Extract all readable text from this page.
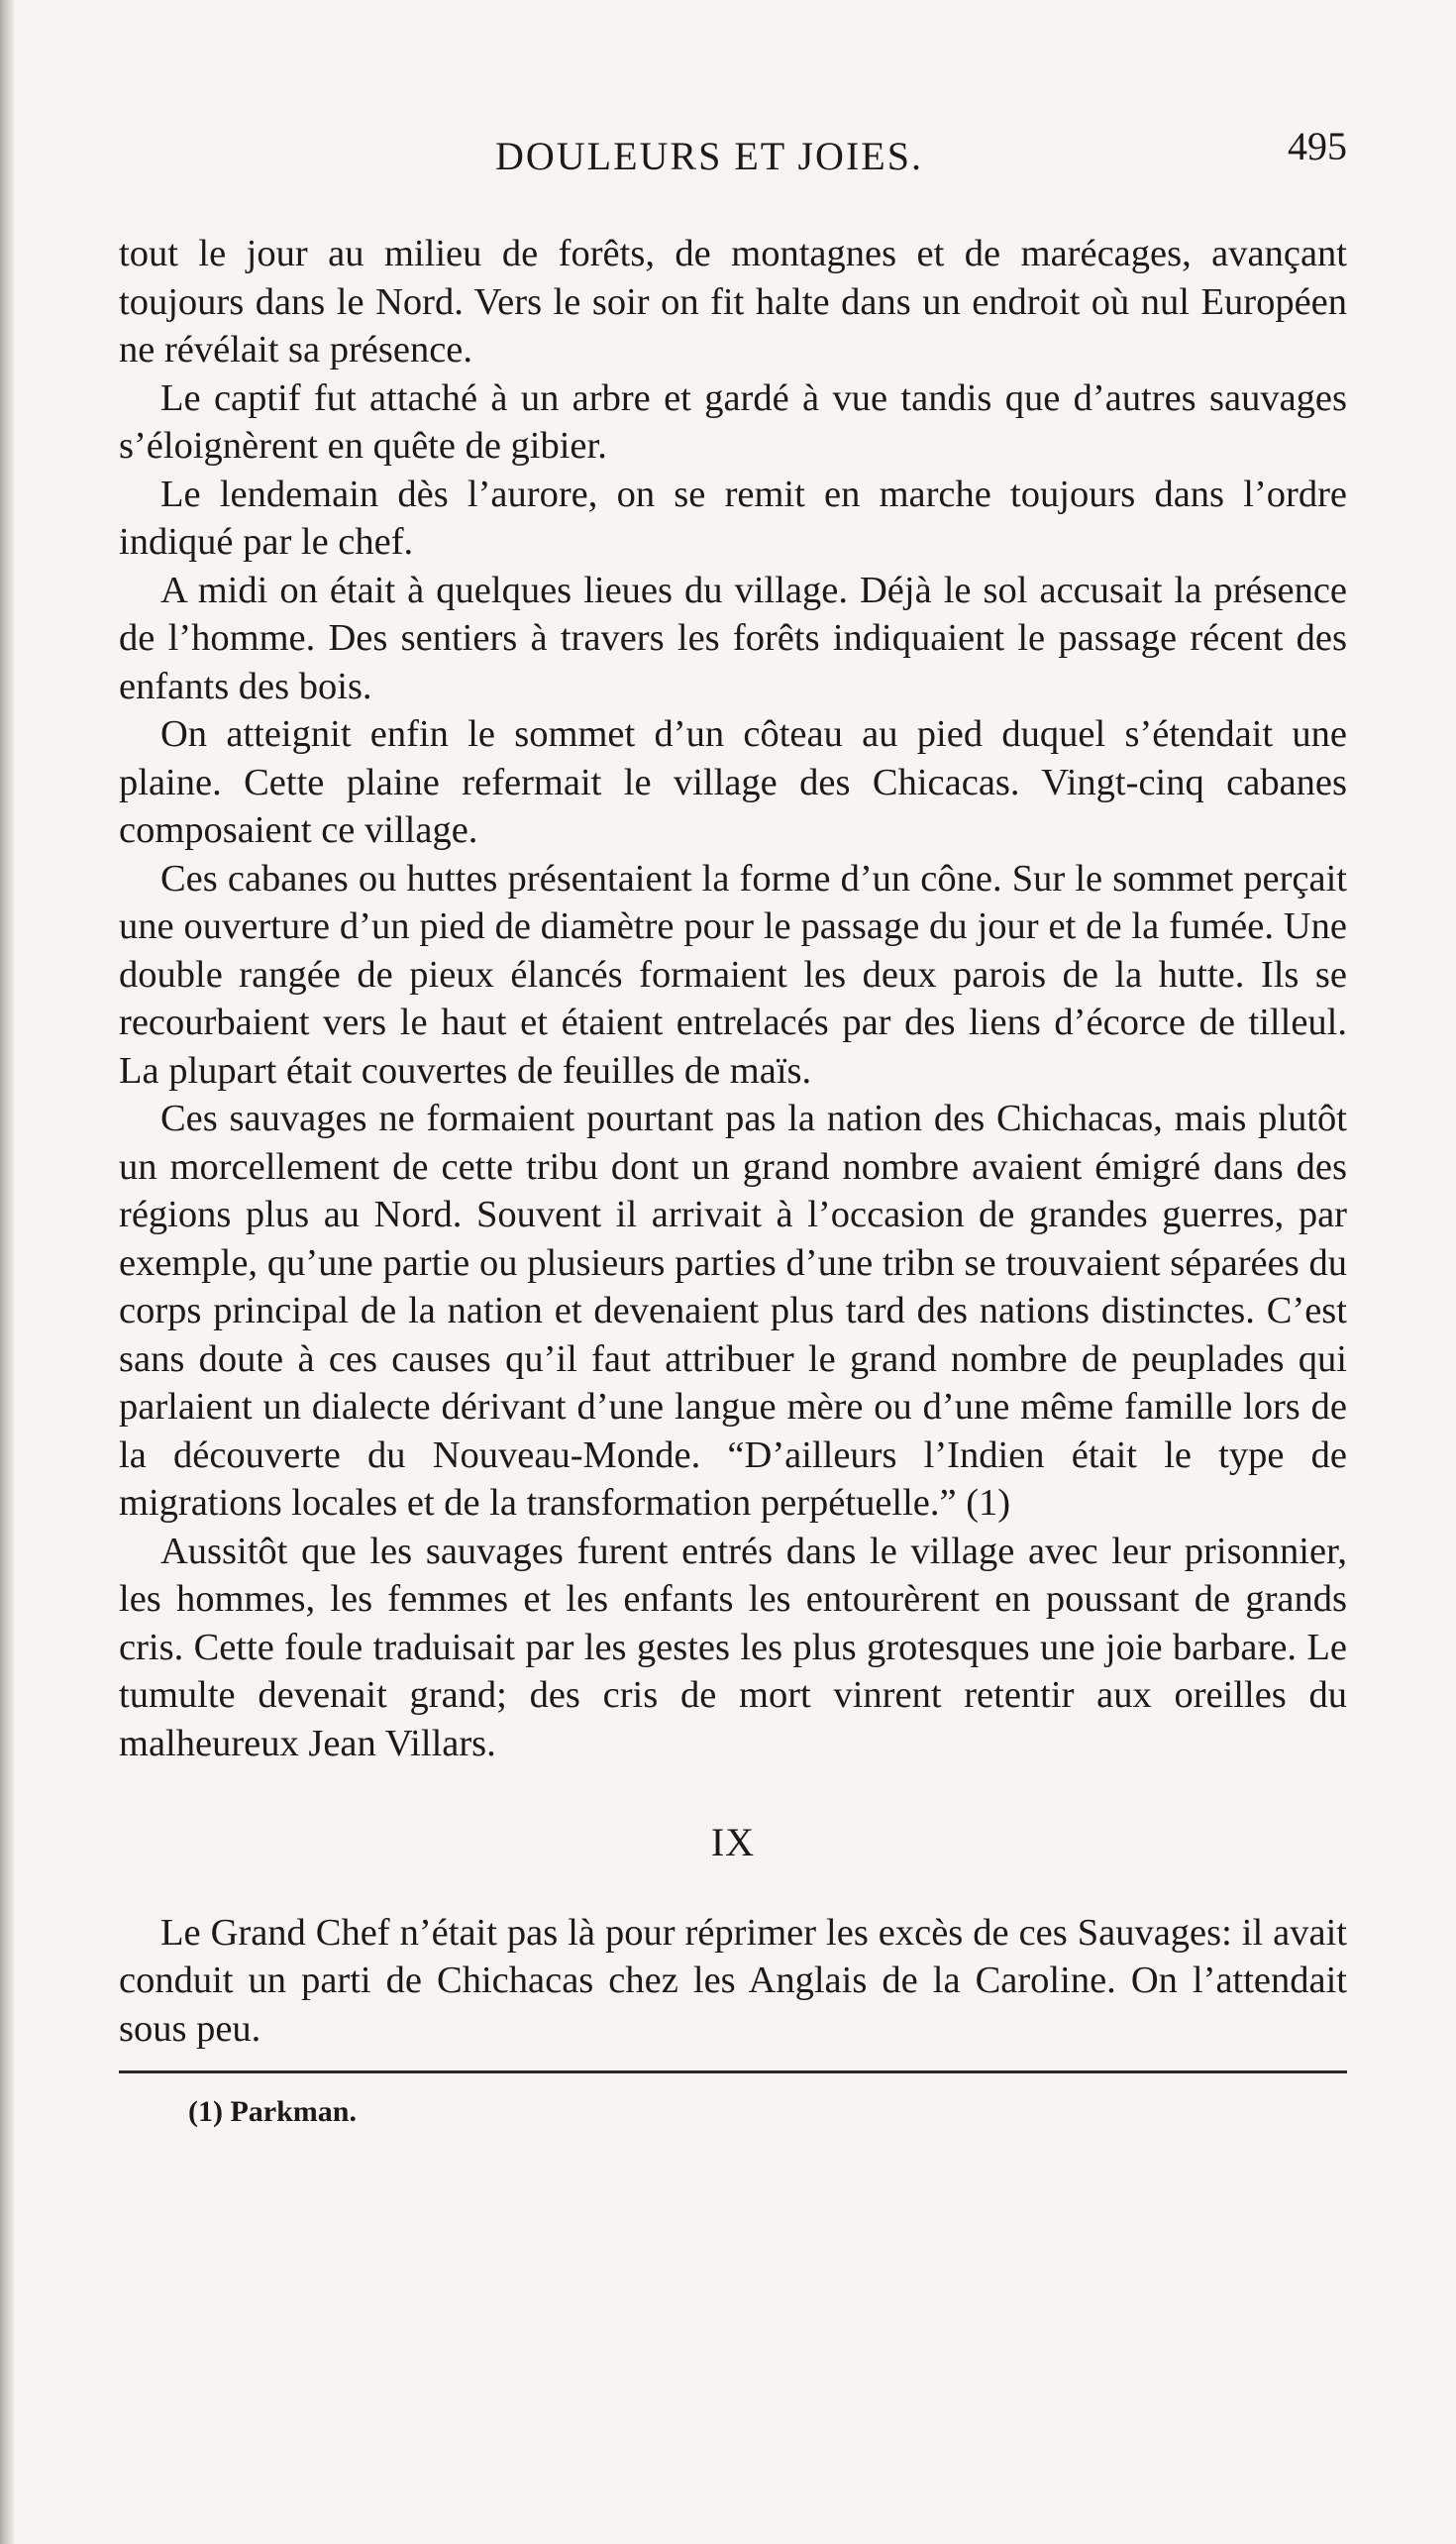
DOULEURS ET JOIES.	495

tout le jour au milieu de forêts, de montagnes et de marécages, avançant toujours dans le Nord. Vers le soir on fit halte dans un endroit où nul Européen ne révélait sa présence.

Le captif fut attaché à un arbre et gardé à vue tandis que d’autres sauvages s’éloignèrent en quête de gibier.

Le lendemain dès l’aurore, on se remit en marche toujours dans l’ordre indiqué par le chef.

A midi on était à quelques lieues du village. Déjà le sol accusait la présence de l’homme. Des sentiers à travers les forêts indiquaient le passage récent des enfants des bois.

On atteignit enfin le sommet d’un côteau au pied duquel s’étendait une plaine. Cette plaine refermait le village des Chicacas. Vingt-cinq cabanes composaient ce village.

Ces cabanes ou huttes présentaient la forme d’un cône. Sur le sommet perçait une ouverture d’un pied de diamètre pour le passage du jour et de la fumée. Une double rangée de pieux élancés formaient les deux parois de la hutte. Ils se recourbaient vers le haut et étaient entrelacés par des liens d’écorce de tilleul. La plupart était couvertes de feuilles de maïs.

Ces sauvages ne formaient pourtant pas la nation des Chichacas, mais plutôt un morcellement de cette tribu dont un grand nombre avaient émigré dans des régions plus au Nord. Souvent il arrivait à l’occasion de grandes guerres, par exemple, qu’une partie ou plusieurs parties d’une tribn se trouvaient séparées du corps principal de la nation et devenaient plus tard des nations distinctes. C’est sans doute à ces causes qu’il faut attribuer le grand nombre de peuplades qui parlaient un dialecte dérivant d’une langue mère ou d’une même famille lors de la découverte du Nouveau-Monde. “D’ailleurs l’Indien était le type de migrations locales et de la transformation perpétuelle.” (1)

Aussitôt que les sauvages furent entrés dans le village avec leur prisonnier, les hommes, les femmes et les enfants les entourèrent en poussant de grands cris. Cette foule traduisait par les gestes les plus grotesques une joie barbare. Le tumulte devenait grand; des cris de mort vinrent retentir aux oreilles du malheureux Jean Villars.

IX

Le Grand Chef n’était pas là pour réprimer les excès de ces Sauvages: il avait conduit un parti de Chichacas chez les Anglais de la Caroline. On l’attendait sous peu.

(1) Parkman.
